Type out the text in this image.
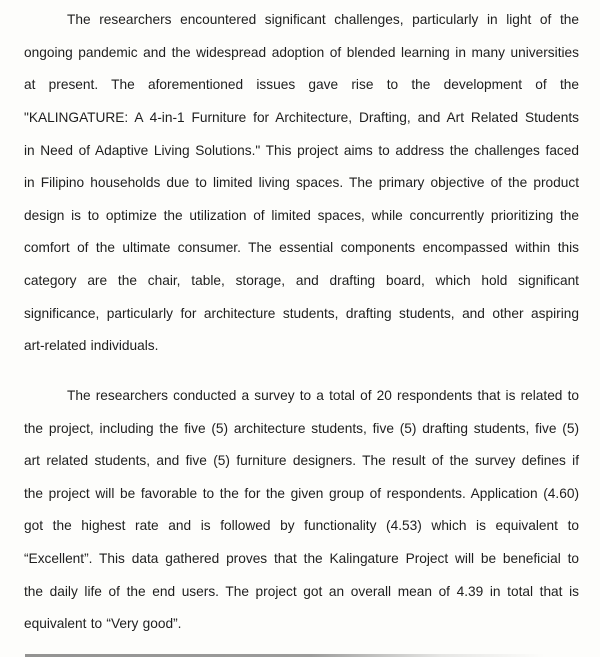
The researchers encountered significant challenges, particularly in light of the
ongoing pandemic and the widespread adoption of blended learning in many universities
at present. The aforementioned issues gave rise to the development of the
"KALINGATURE: A 4-in-1 Furniture for Architecture, Drafting, and Art Related Students
in Need of Adaptive Living Solutions." This project aims to address the challenges faced
in Filipino households due to limited living spaces. The primary objective of the product
design is to optimize the utilization of limited spaces, while concurrently prioritizing the
comfort of the ultimate consumer. The essential components encompassed within this
category are the chair, table, storage, and drafting board, which hold significant
significance, particularly for architecture students, drafting students, and other aspiring
art-related individuals.
The researchers conducted a survey to a total of 20 respondents that is related to
the project, including the five (5) architecture students, five (5) drafting students, five (5)
art related students, and five (5) furniture designers. The result of the survey defines if
the project will be favorable to the for the given group of respondents. Application (4.60)
got the highest rate and is followed by functionality (4.53) which is equivalent to
“Excellent”. This data gathered proves that the Kalingature Project will be beneficial to
the daily life of the end users. The project got an overall mean of 4.39 in total that is
equivalent to “Very good”.
